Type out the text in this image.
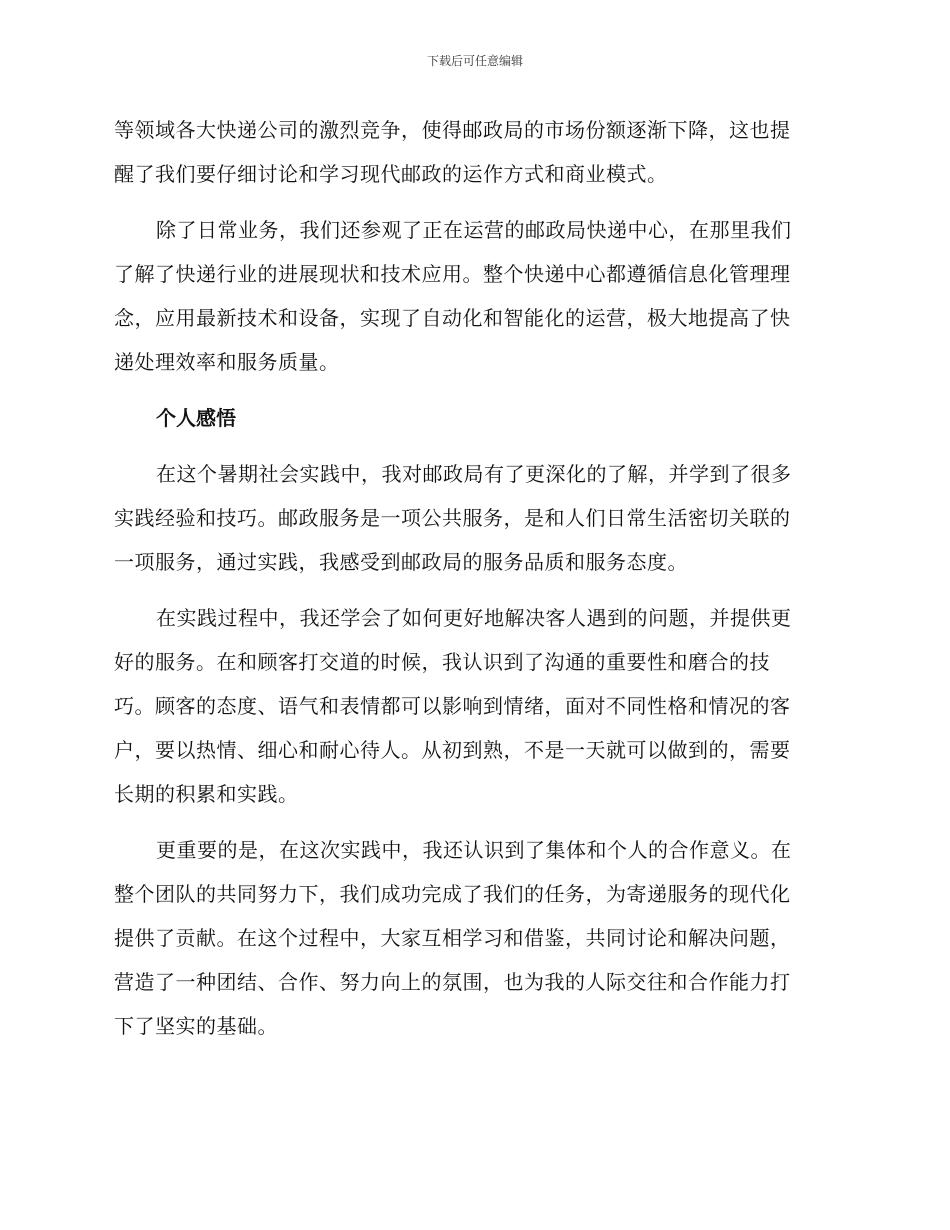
下载后可任意编辑
等领域各大快递公司的激烈竞争，使得邮政局的市场份额逐渐下降，这也提
醒了我们要仔细讨论和学习现代邮政的运作方式和商业模式。
除了日常业务，我们还参观了正在运营的邮政局快递中心，在那里我们
了解了快递行业的进展现状和技术应用。整个快递中心都遵循信息化管理理
念，应用最新技术和设备，实现了自动化和智能化的运营，极大地提高了快
递处理效率和服务质量。
个人感悟
在这个暑期社会实践中，我对邮政局有了更深化的了解，并学到了很多
实践经验和技巧。邮政服务是一项公共服务，是和人们日常生活密切关联的
一项服务，通过实践，我感受到邮政局的服务品质和服务态度。
在实践过程中，我还学会了如何更好地解决客人遇到的问题，并提供更
好的服务。在和顾客打交道的时候，我认识到了沟通的重要性和磨合的技
巧。顾客的态度、语气和表情都可以影响到情绪，面对不同性格和情况的客
户，要以热情、细心和耐心待人。从初到熟，不是一天就可以做到的，需要
长期的积累和实践。
更重要的是，在这次实践中，我还认识到了集体和个人的合作意义。在
整个团队的共同努力下，我们成功完成了我们的任务，为寄递服务的现代化
提供了贡献。在这个过程中，大家互相学习和借鉴，共同讨论和解决问题，
营造了一种团结、合作、努力向上的氛围，也为我的人际交往和合作能力打
下了坚实的基础。
